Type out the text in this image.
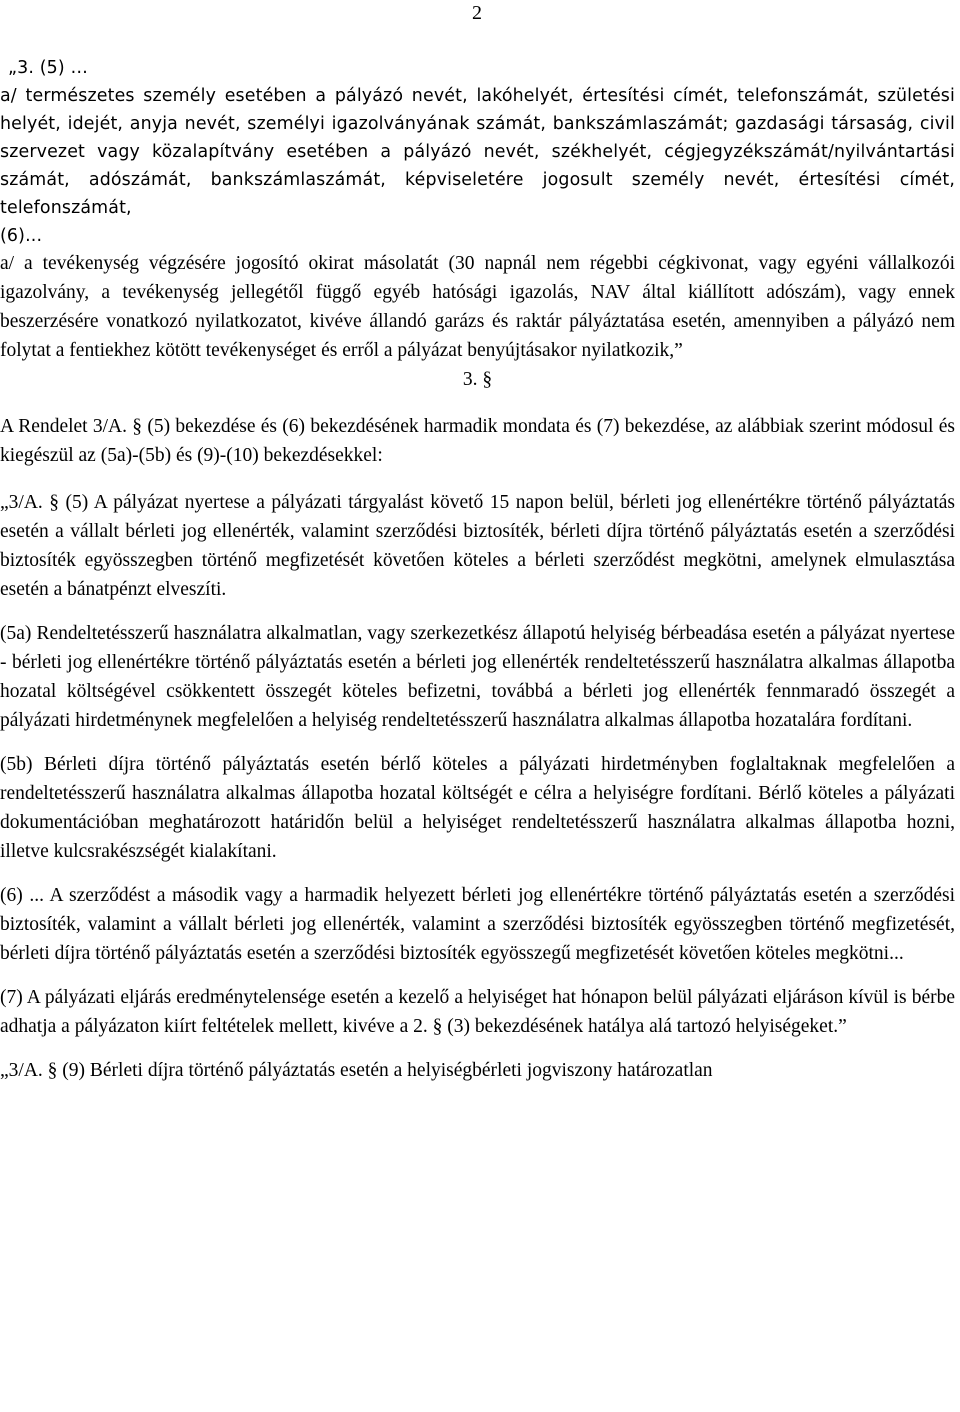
2

„3. (5) …

a/ természetes személy esetében a pályázó nevét, lakóhelyét, értesítési címét, telefonszámát, születési helyét, idejét, anyja nevét, személyi igazolványának számát, bankszámlaszámát; gazdasági társaság, civil szervezet vagy közalapítvány esetében a pályázó nevét, székhelyét, cégjegyzékszámát/nyilvántartási számát, adószámát, bankszámlaszámát, képviseletére jogosult személy nevét, értesítési címét, telefonszámát,

(6)...

a/ a tevékenység végzésére jogosító okirat másolatát (30 napnál nem régebbi cégkivonat, vagy egyéni vállalkozói igazolvány, a tevékenység jellegétől függő egyéb hatósági igazolás, NAV által kiállított adószám), vagy ennek beszerzésére vonatkozó nyilatkozatot, kivéve állandó garázs és raktár pályáztatása esetén, amennyiben a pályázó nem folytat a fentiekhez kötött tevékenységet és erről a pályázat benyújtásakor nyilatkozik,”

3. §

A Rendelet 3/A. § (5) bekezdése és (6) bekezdésének harmadik mondata és (7) bekezdése, az alábbiak szerint módosul és kiegészül az (5a)-(5b) és (9)-(10) bekezdésekkel:

„3/A. § (5) A pályázat nyertese a pályázati tárgyalást követő 15 napon belül, bérleti jog ellenértékre történő pályáztatás esetén a vállalt bérleti jog ellenérték, valamint szerződési biztosíték, bérleti díjra történő pályáztatás esetén a szerződési biztosíték egyösszegben történő megfizetését követően köteles a bérleti szerződést megkötni, amelynek elmulasztása esetén a bánatpénzt elveszíti.

(5a) Rendeltetésszerű használatra alkalmatlan, vagy szerkezetkész állapotú helyiség bérbeadása esetén a pályázat nyertese - bérleti jog ellenértékre történő pályáztatás esetén a bérleti jog ellenérték rendeltetésszerű használatra alkalmas állapotba hozatal költségével csökkentett összegét köteles befizetni, továbbá a bérleti jog ellenérték fennmaradó összegét a pályázati hirdetménynek megfelelően a helyiség rendeltetésszerű használatra alkalmas állapotba hozatalára fordítani.

(5b) Bérleti díjra történő pályáztatás esetén bérlő köteles a pályázati hirdetményben foglaltaknak megfelelően a rendeltetésszerű használatra alkalmas állapotba hozatal költségét e célra a helyiségre fordítani. Bérlő köteles a pályázati dokumentációban meghatározott határidőn belül a helyiséget rendeltetésszerű használatra alkalmas állapotba hozni, illetve kulcsrakészségét kialakítani.

(6) ... A szerződést a második vagy a harmadik helyezett bérleti jog ellenértékre történő pályáztatás esetén a szerződési biztosíték, valamint a vállalt bérleti jog ellenérték, valamint a szerződési biztosíték egyösszegben történő megfizetését, bérleti díjra történő pályáztatás esetén a szerződési biztosíték egyösszegű megfizetését követően köteles megkötni...

(7) A pályázati eljárás eredménytelensége esetén a kezelő a helyiséget hat hónapon belül pályázati eljáráson kívül is bérbe adhatja a pályázaton kiírt feltételek mellett, kivéve a 2. § (3) bekezdésének hatálya alá tartozó helyiségeket.”

„3/A. § (9) Bérleti díjra történő pályáztatás esetén a helyiségbérleti jogviszony határozatlan
